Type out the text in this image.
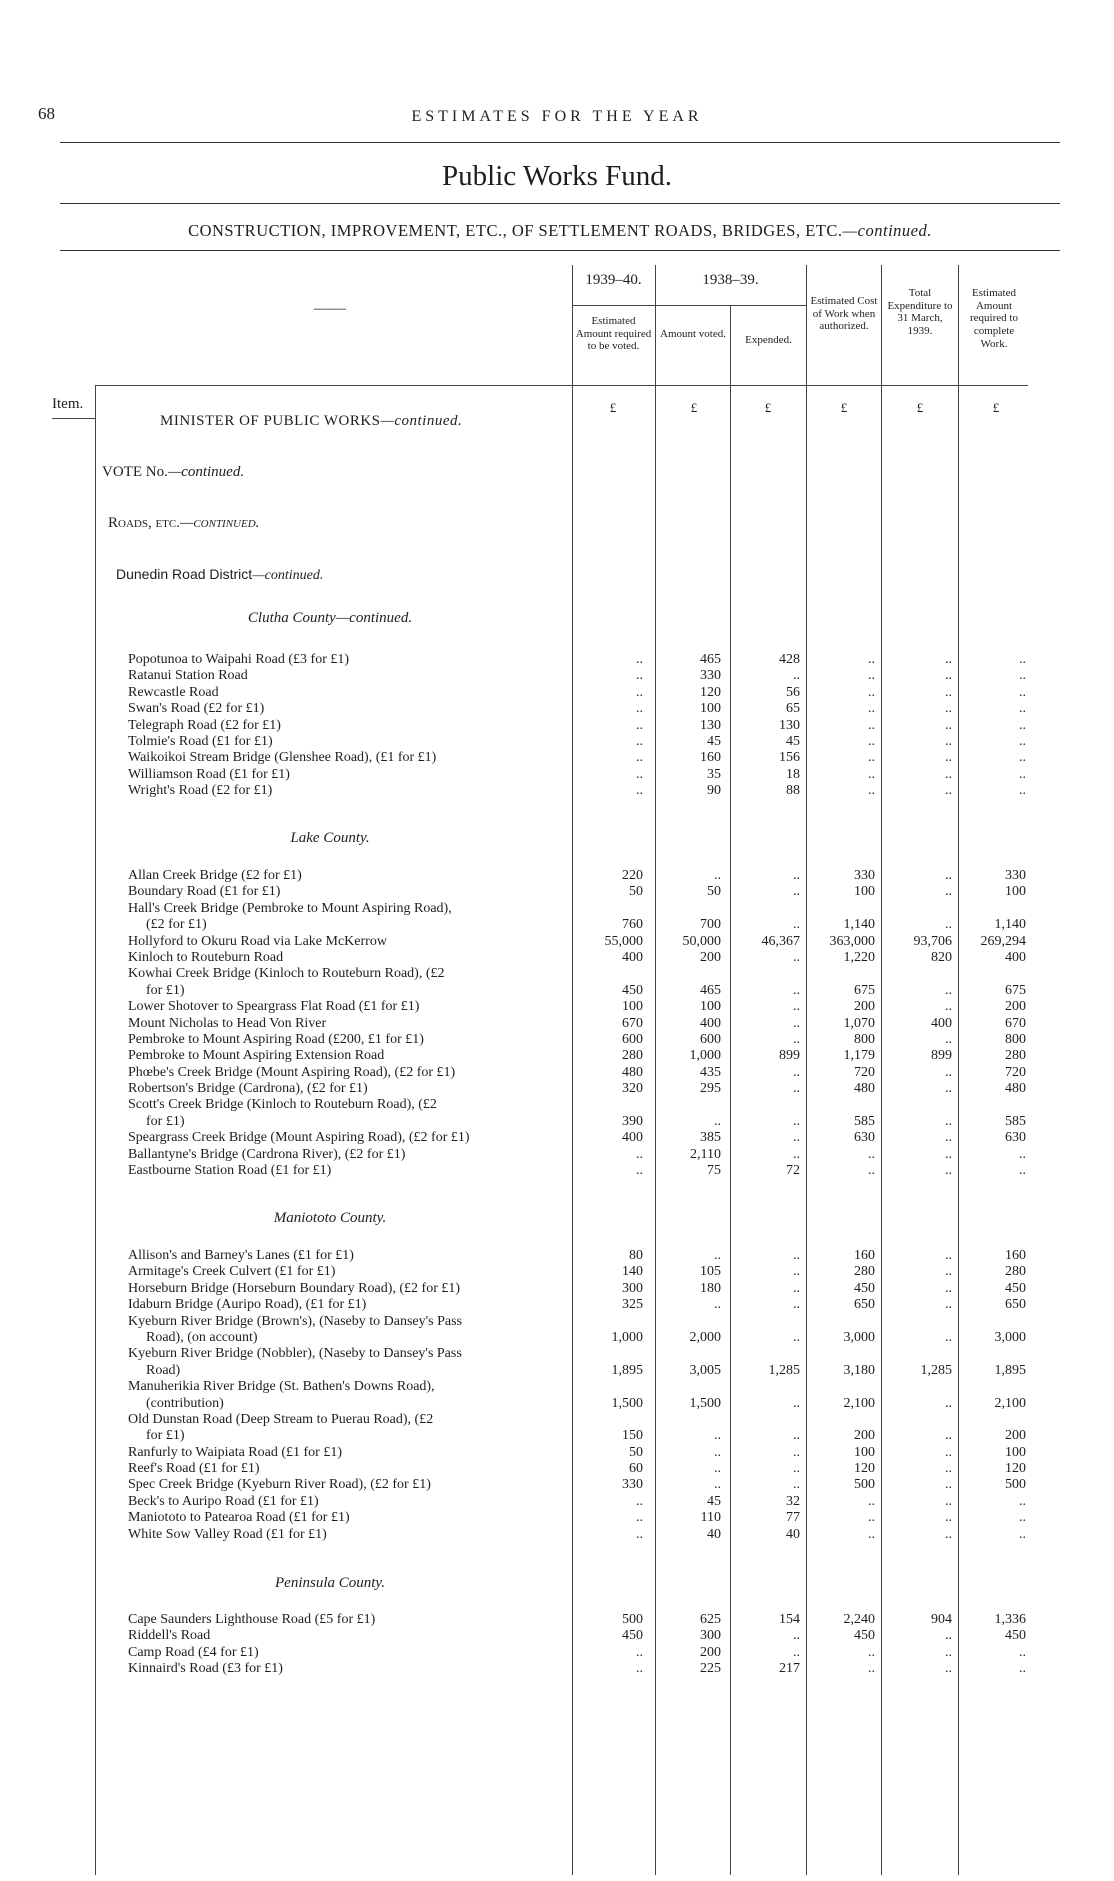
68	ESTIMATES FOR THE YEAR
Public Works Fund.
CONSTRUCTION, IMPROVEMENT, ETC., OF SETTLEMENT ROADS, BRIDGES, ETC.—continued.
——
1939–40.	1938–39.
Estimated Amount required to be voted.
Amount voted.	Expended.
Estimated Cost of Work when authorized.
Total Expenditure to 31 March, 1939.
Estimated Amount required to complete Work.
Item.	£	£	£	£	£	£
MINISTER OF PUBLIC WORKS—continued.
VOTE No.—continued.
Roads, etc.—continued.
Dunedin Road District—continued.
Clutha County—continued.
Popotunoa to Waipahi Road (£3 for £1)	..	465	428	..	..	..
Ratanui Station Road	..	330	..	..	..	..
Rewcastle Road	..	120	56	..	..	..
Swan's Road (£2 for £1)	..	100	65	..	..	..
Telegraph Road (£2 for £1)	..	130	130	..	..	..
Tolmie's Road (£1 for £1)	..	45	45	..	..	..
Waikoikoi Stream Bridge (Glenshee Road), (£1 for £1)	..	160	156	..	..	..
Williamson Road (£1 for £1)	..	35	18	..	..	..
Wright's Road (£2 for £1)	..	90	88	..	..	..
Lake County.
Allan Creek Bridge (£2 for £1)	220	..	..	330	..	330
Boundary Road (£1 for £1)	50	50	..	100	..	100
Hall's Creek Bridge (Pembroke to Mount Aspiring Road),
(£2 for £1)	760	700	..	1,140	..	1,140
Hollyford to Okuru Road via Lake McKerrow	55,000	50,000	46,367	363,000	93,706	269,294
Kinloch to Routeburn Road	400	200	..	1,220	820	400
Kowhai Creek Bridge (Kinloch to Routeburn Road), (£2
for £1)	450	465	..	675	..	675
Lower Shotover to Speargrass Flat Road (£1 for £1)	100	100	..	200	..	200
Mount Nicholas to Head Von River	670	400	..	1,070	400	670
Pembroke to Mount Aspiring Road (£200, £1 for £1)	600	600	..	800	..	800
Pembroke to Mount Aspiring Extension Road	280	1,000	899	1,179	899	280
Phœbe's Creek Bridge (Mount Aspiring Road), (£2 for £1)	480	435	..	720	..	720
Robertson's Bridge (Cardrona), (£2 for £1)	320	295	..	480	..	480
Scott's Creek Bridge (Kinloch to Routeburn Road), (£2
for £1)	390	..	..	585	..	585
Speargrass Creek Bridge (Mount Aspiring Road), (£2 for £1)	400	385	..	630	..	630
Ballantyne's Bridge (Cardrona River), (£2 for £1)	..	2,110	..	..	..	..
Eastbourne Station Road (£1 for £1)	..	75	72	..	..	..
Maniototo County.
Allison's and Barney's Lanes (£1 for £1)	80	..	..	160	..	160
Armitage's Creek Culvert (£1 for £1)	140	105	..	280	..	280
Horseburn Bridge (Horseburn Boundary Road), (£2 for £1)	300	180	..	450	..	450
Idaburn Bridge (Auripo Road), (£1 for £1)	325	..	..	650	..	650
Kyeburn River Bridge (Brown's), (Naseby to Dansey's Pass
Road), (on account)	1,000	2,000	..	3,000	..	3,000
Kyeburn River Bridge (Nobbler), (Naseby to Dansey's Pass
Road)	1,895	3,005	1,285	3,180	1,285	1,895
Manuherikia River Bridge (St. Bathen's Downs Road),
(contribution)	1,500	1,500	..	2,100	..	2,100
Old Dunstan Road (Deep Stream to Puerau Road), (£2
for £1)	150	..	..	200	..	200
Ranfurly to Waipiata Road (£1 for £1)	50	..	..	100	..	100
Reef's Road (£1 for £1)	60	..	..	120	..	120
Spec Creek Bridge (Kyeburn River Road), (£2 for £1)	330	..	..	500	..	500
Beck's to Auripo Road (£1 for £1)	..	45	32	..	..	..
Maniototo to Patearoa Road (£1 for £1)	..	110	77	..	..	..
White Sow Valley Road (£1 for £1)	..	40	40	..	..	..
Peninsula County.
Cape Saunders Lighthouse Road (£5 for £1)	500	625	154	2,240	904	1,336
Riddell's Road	450	300	..	450	..	450
Camp Road (£4 for £1)	..	200	..	..	..	..
Kinnaird's Road (£3 for £1)	..	225	217	..	..	..
